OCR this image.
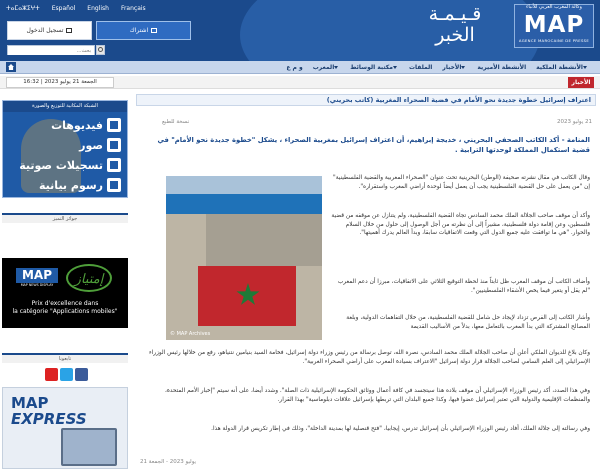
ⵜⴰⵎⴰⵣⵉⵖⵜ Español English Français	وكالة المغرب العربي للأنباء
MAP
AGENCE MAROCAINE DE PRESSE
قـيـمـة
الخبر
تسجيل الدخول	اشتراك
بحث...
الأنشطة الملكية
الأنشطة الأميرية
الأخبار
الملفات
مكتبة الوسائط
المغرب
و م ع
الأخبار
الجمعة 21 يوليو 2023 | 16:32
الشبكة المكانية للتوزيع والصورة
فيديوهات
صور
تسجيلات صوتية
رسوم بيانية
جوائز التميز
MAP
MAP NEWS DISPLAY	إمتياز
Prix d'excellence dans
la catégorie "Applications mobiles"
تابعونا
MAP
EXPRESS
اعتراف إسرائيل خطوة جديدة نحو الأمام في قضية الصحراء المغربية (كاتب بحريني)
21 يوليو 2023
نسخة للطبع
المنامة - أكد الكاتب الصحفي البحريني ، خديجة إبراهيم، أن اعتراف إسرائيل بمغربية الصحراء ، يشكل "خطوة جديدة نحو الأمام" في قضية استكمال المملكة لوحدتها الترابية .
وقال الكاتب في مقال نشرته صحيفة (الوطن) البحرينية تحت عنوان "الصحراء المغربية والقضية الفلسطينية" إن "من يعمل على حل القضية الفلسطينية يجب أن يعمل أيضاً لوحدة أراضي المغرب واستقراره".
وأكد أن موقف صاحب الجلالة الملك محمد السادس تجاه القضية الفلسطينية، ولم يتنازل عن موقفه من قضية فلسطين، وعن إقامة دولة فلسطينية، مشيراً إلى أن نظرته من أجل الوصول إلى حلول من خلال السلام والحوار. "هي ما توافقت عليه جميع الدول التي وقعت الاتفاقيات سابقا، وبدأ العالم يدرك أهميتها".
وأضاف الكاتب أن موقف المغرب ظل ثابتاً منذ لحظة التوقيع الثلاثي على الاتفاقيات، مبرزا أن دعم المغرب "لم يقل أو يتغير فيما يخص الأشقاء الفلسطينيين".
وأشار الكاتب إلى الفرص تزداد لإيجاد حل شامل للقضية الفلسطينية، من خلال التفاهمات الدولية، وبلغة المصالح المشتركة التي بدأ المغرب بالتعامل معها، بدلاً من الأساليب القديمة
وكان بلاغ للديوان الملكي أعلن أن صاحب الجلالة الملك محمد السادس، نصره الله، توصل برسالة من رئيس وزراء دولة إسرائيل، فخامة السيد بنيامين نتنياهو، رفع من خلالها رئيس الوزراء الإسرائيلي إلى العلم السامي لصاحب الجلالة قرار دولة إسرائيل "الاعتراف بسيادة المغرب على أراضي الصحراء الغربية".
وفي هذا الصدد، أكد رئيس الوزراء الإسرائيلي أن موقف بلاده هذا سيتجسد في كافة أعمال ووثائق الحكومة الإسرائيلية ذات الصلة". وشدد أيضا، على أنه سيتم "إخبار الأمم المتحدة، والمنظمات الإقليمية والدولية التي تعتبر إسرائيل عضوا فيها، وكذا جميع البلدان التي تربطها بإسرائيل علاقات دبلوماسية" بهذا القرار.
وفي رسالته إلى جلالة الملك، أفاد رئيس الوزراء الإسرائيلي بأن إسرائيل تدرس، إيجابيا، "فتح قنصلية لها بمدينة الداخلة"، وذلك في إطار تكريس قرار الدولة هذا.
© MAP Archives
21 يوليو 2023 - الجمعة
